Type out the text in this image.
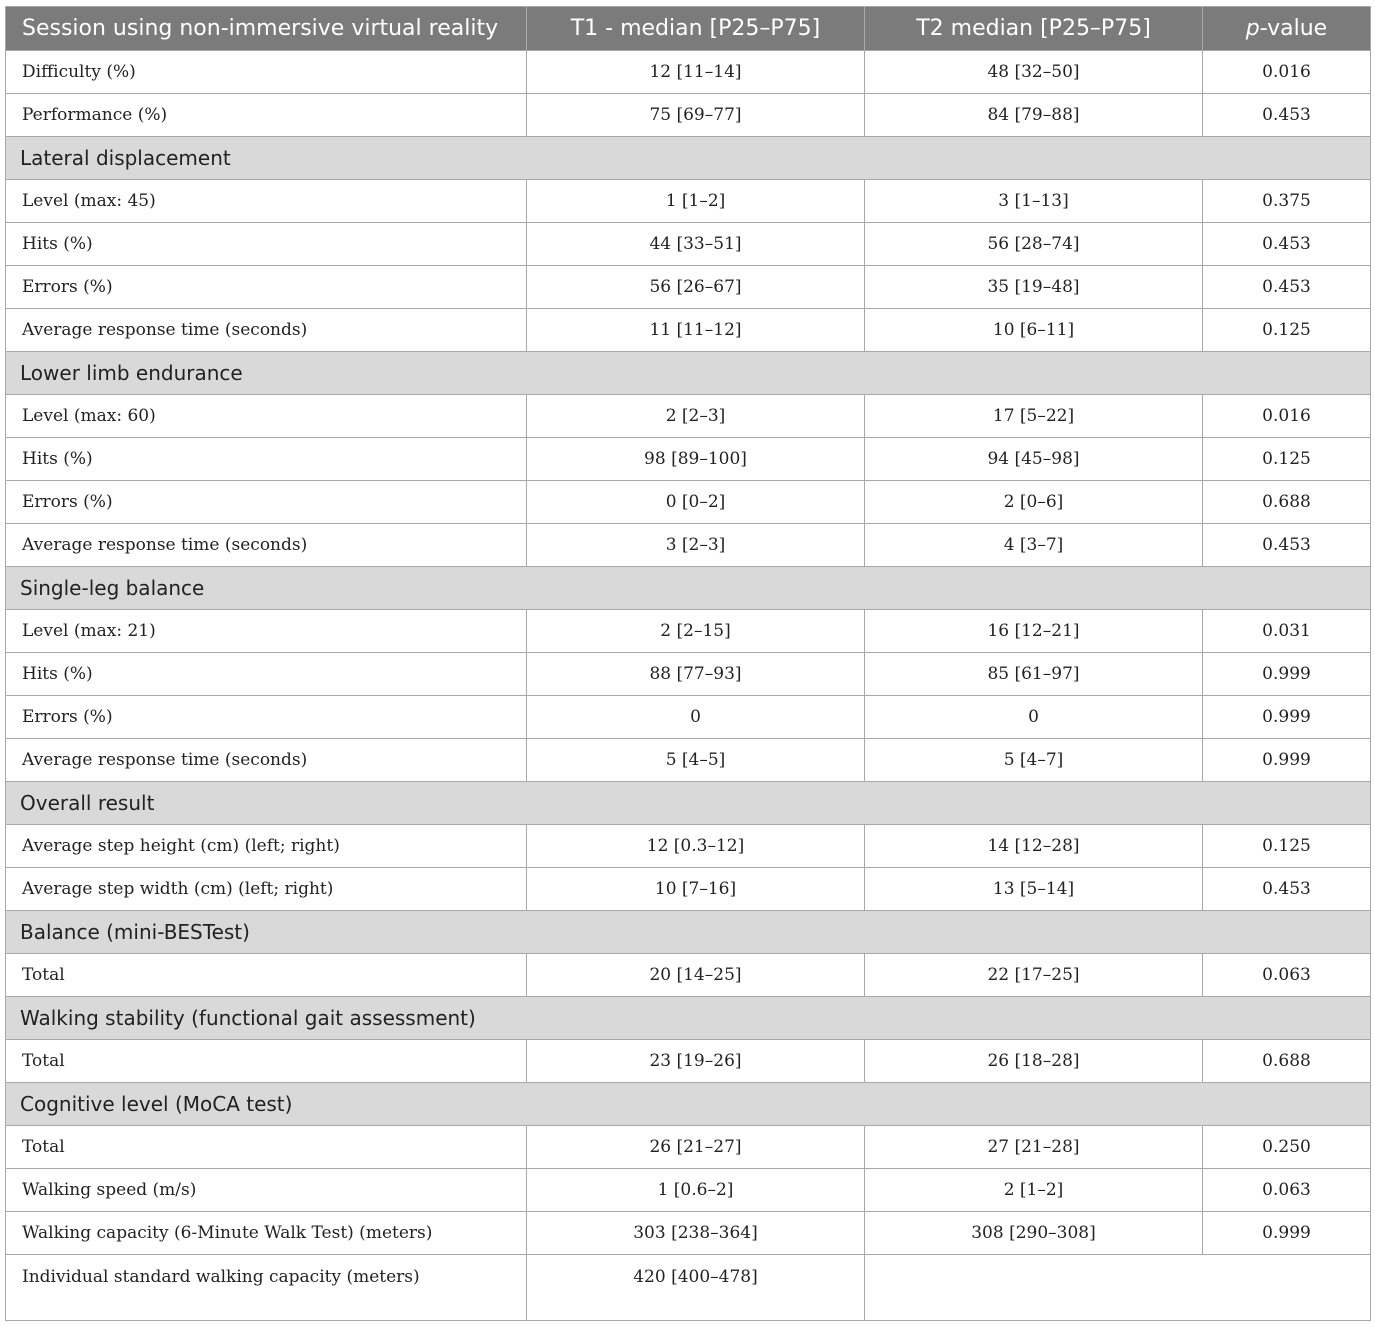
Session using non-immersive virtual reality	T1 - median [P25–P75]	T2 median [P25–P75]	p-value
Difficulty (%)	12 [11–14]	48 [32–50]	0.016
Performance (%)	75 [69–77]	84 [79–88]	0.453
Lateral displacement			
Level (max: 45)	1 [1–2]	3 [1–13]	0.375
Hits (%)	44 [33–51]	56 [28–74]	0.453
Errors (%)	56 [26–67]	35 [19–48]	0.453
Average response time (seconds)	11 [11–12]	10 [6–11]	0.125
Lower limb endurance			
Level (max: 60)	2 [2–3]	17 [5–22]	0.016
Hits (%)	98 [89–100]	94 [45–98]	0.125
Errors (%)	0 [0–2]	2 [0–6]	0.688
Average response time (seconds)	3 [2–3]	4 [3–7]	0.453
Single-leg balance			
Level (max: 21)	2 [2–15]	16 [12–21]	0.031
Hits (%)	88 [77–93]	85 [61–97]	0.999
Errors (%)	0	0	0.999
Average response time (seconds)	5 [4–5]	5 [4–7]	0.999
Overall result			
Average step height (cm) (left; right)	12 [0.3–12]	14 [12–28]	0.125
Average step width (cm) (left; right)	10 [7–16]	13 [5–14]	0.453
Balance (mini-BESTest)			
Total	20 [14–25]	22 [17–25]	0.063
Walking stability (functional gait assessment)			
Total	23 [19–26]	26 [18–28]	0.688
Cognitive level (MoCA test)			
Total	26 [21–27]	27 [21–28]	0.250
Walking speed (m/s)	1 [0.6–2]	2 [1–2]	0.063
Walking capacity (6-Minute Walk Test) (meters)	303 [238–364]	308 [290–308]	0.999
Individual standard walking capacity (meters)	420 [400–478]		
